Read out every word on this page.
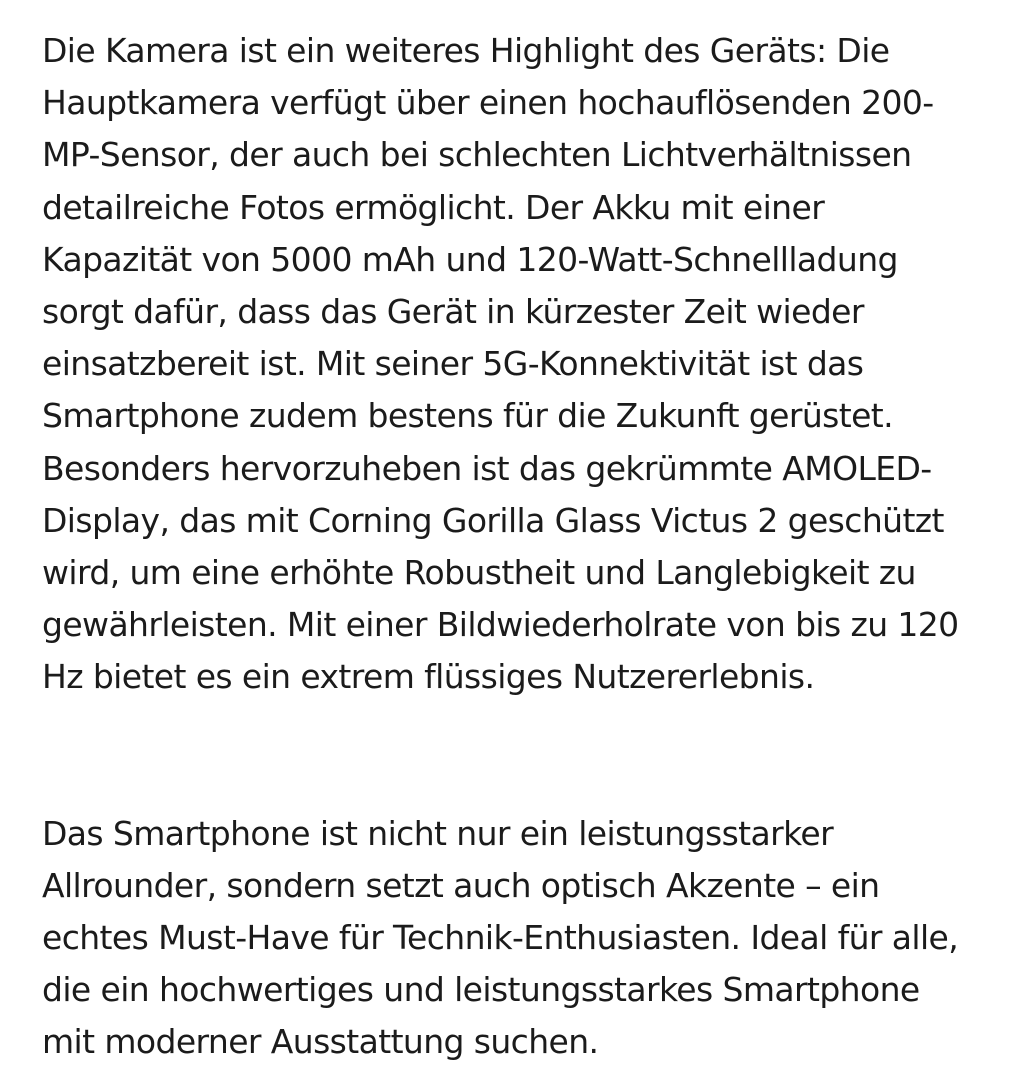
Die Kamera ist ein weiteres Highlight des Geräts: Die
Hauptkamera verfügt über einen hochauflösenden 200-
MP-Sensor, der auch bei schlechten Lichtverhältnissen
detailreiche Fotos ermöglicht. Der Akku mit einer
Kapazität von 5000 mAh und 120-Watt-Schnellladung
sorgt dafür, dass das Gerät in kürzester Zeit wieder
einsatzbereit ist. Mit seiner 5G-Konnektivität ist das
Smartphone zudem bestens für die Zukunft gerüstet.
Besonders hervorzuheben ist das gekrümmte AMOLED-
Display, das mit Corning Gorilla Glass Victus 2 geschützt
wird, um eine erhöhte Robustheit und Langlebigkeit zu
gewährleisten. Mit einer Bildwiederholrate von bis zu 120
Hz bietet es ein extrem flüssiges Nutzererlebnis.

Das Smartphone ist nicht nur ein leistungsstarker
Allrounder, sondern setzt auch optisch Akzente – ein
echtes Must-Have für Technik-Enthusiasten. Ideal für alle,
die ein hochwertiges und leistungsstarkes Smartphone
mit moderner Ausstattung suchen.
